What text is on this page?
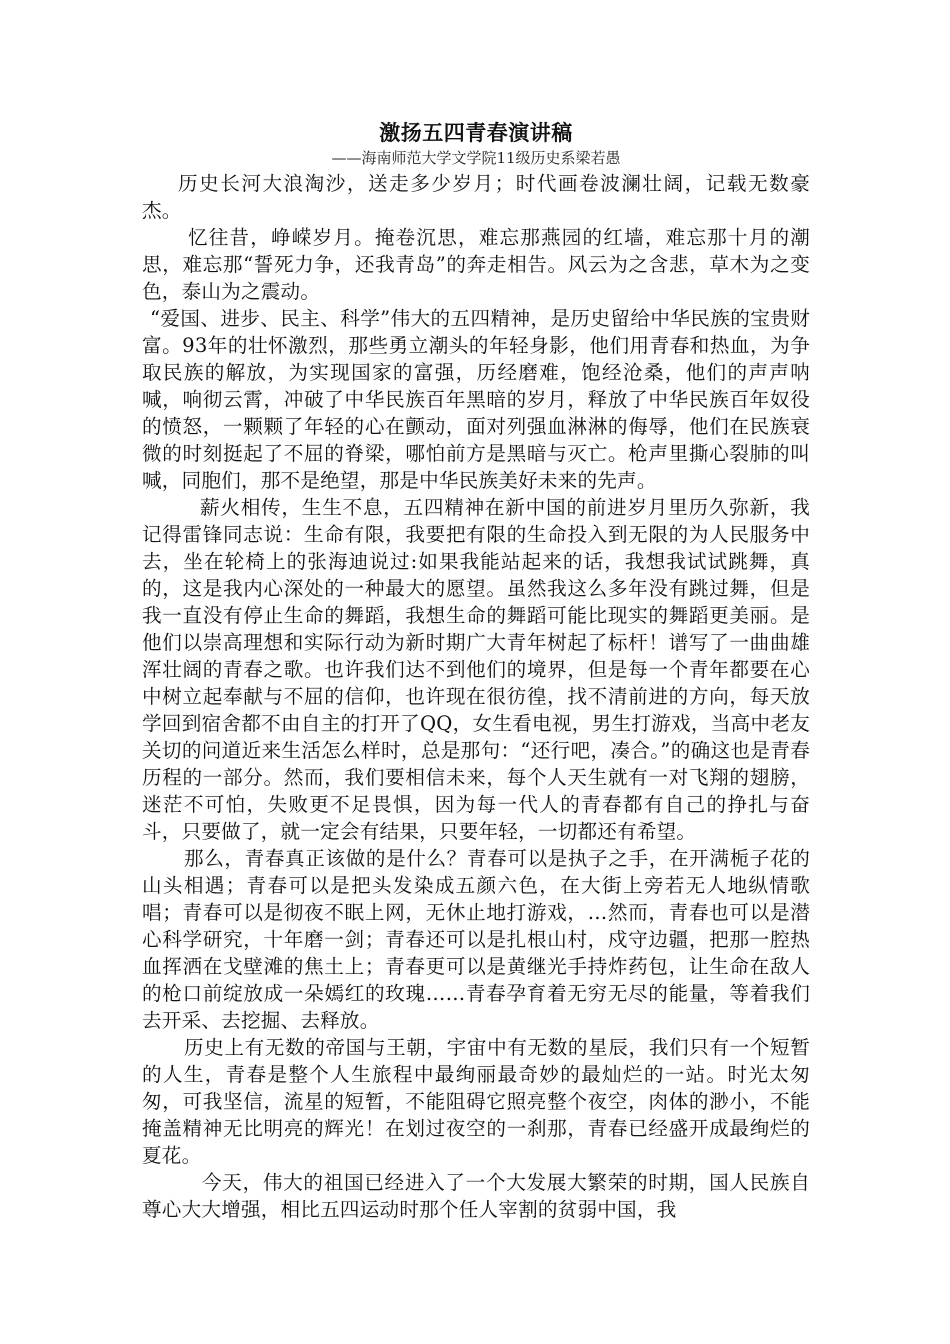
激扬五四青春演讲稿

——海南师范大学文学院11级历史系梁若愚

历史长河大浪淘沙，送走多少岁月；时代画卷波澜壮阔，记载无数豪杰。

忆往昔，峥嵘岁月。掩卷沉思，难忘那燕园的红墙，难忘那十月的潮思，难忘那“誓死力争，还我青岛”的奔走相告。风云为之含悲，草木为之变色，泰山为之震动。

“爱国、进步、民主、科学”伟大的五四精神，是历史留给中华民族的宝贵财富。93年的壮怀激烈，那些勇立潮头的年轻身影，他们用青春和热血，为争取民族的解放，为实现国家的富强，历经磨难，饱经沧桑，他们的声声呐喊，响彻云霄，冲破了中华民族百年黑暗的岁月，释放了中华民族百年奴役的愤怒，一颗颗了年轻的心在颤动，面对列强血淋淋的侮辱，他们在民族衰微的时刻挺起了不屈的脊梁，哪怕前方是黑暗与灭亡。枪声里撕心裂肺的叫喊，同胞们，那不是绝望，那是中华民族美好未来的先声。

薪火相传，生生不息，五四精神在新中国的前进岁月里历久弥新，我记得雷锋同志说：生命有限，我要把有限的生命投入到无限的为人民服务中去，坐在轮椅上的张海迪说过:如果我能站起来的话，我想我试试跳舞，真的，这是我内心深处的一种最大的愿望。虽然我这么多年没有跳过舞，但是我一直没有停止生命的舞蹈，我想生命的舞蹈可能比现实的舞蹈更美丽。是他们以崇高理想和实际行动为新时期广大青年树起了标杆！谱写了一曲曲雄浑壮阔的青春之歌。也许我们达不到他们的境界，但是每一个青年都要在心中树立起奉献与不屈的信仰，也许现在很彷徨，找不清前进的方向，每天放学回到宿舍都不由自主的打开了QQ，女生看电视，男生打游戏，当高中老友关切的问道近来生活怎么样时，总是那句：“还行吧，凑合。”的确这也是青春历程的一部分。然而，我们要相信未来，每个人天生就有一对飞翔的翅膀，迷茫不可怕，失败更不足畏惧，因为每一代人的青春都有自己的挣扎与奋斗，只要做了，就一定会有结果，只要年轻，一切都还有希望。

那么，青春真正该做的是什么？青春可以是执子之手，在开满栀子花的山头相遇；青春可以是把头发染成五颜六色，在大街上旁若无人地纵情歌唱；青春可以是彻夜不眠上网，无休止地打游戏，…然而，青春也可以是潜心科学研究，十年磨一剑；青春还可以是扎根山村，戍守边疆，把那一腔热血挥洒在戈壁滩的焦土上；青春更可以是黄继光手持炸药包，让生命在敌人的枪口前绽放成一朵嫣红的玫瑰……青春孕育着无穷无尽的能量，等着我们去开采、去挖掘、去释放。

历史上有无数的帝国与王朝，宇宙中有无数的星辰，我们只有一个短暂的人生，青春是整个人生旅程中最绚丽最奇妙的最灿烂的一站。时光太匆匆，可我坚信，流星的短暂，不能阻碍它照亮整个夜空，肉体的渺小，不能掩盖精神无比明亮的辉光！在划过夜空的一刹那，青春已经盛开成最绚烂的夏花。

今天，伟大的祖国已经进入了一个大发展大繁荣的时期，国人民族自尊心大大增强，相比五四运动时那个任人宰割的贫弱中国，我
